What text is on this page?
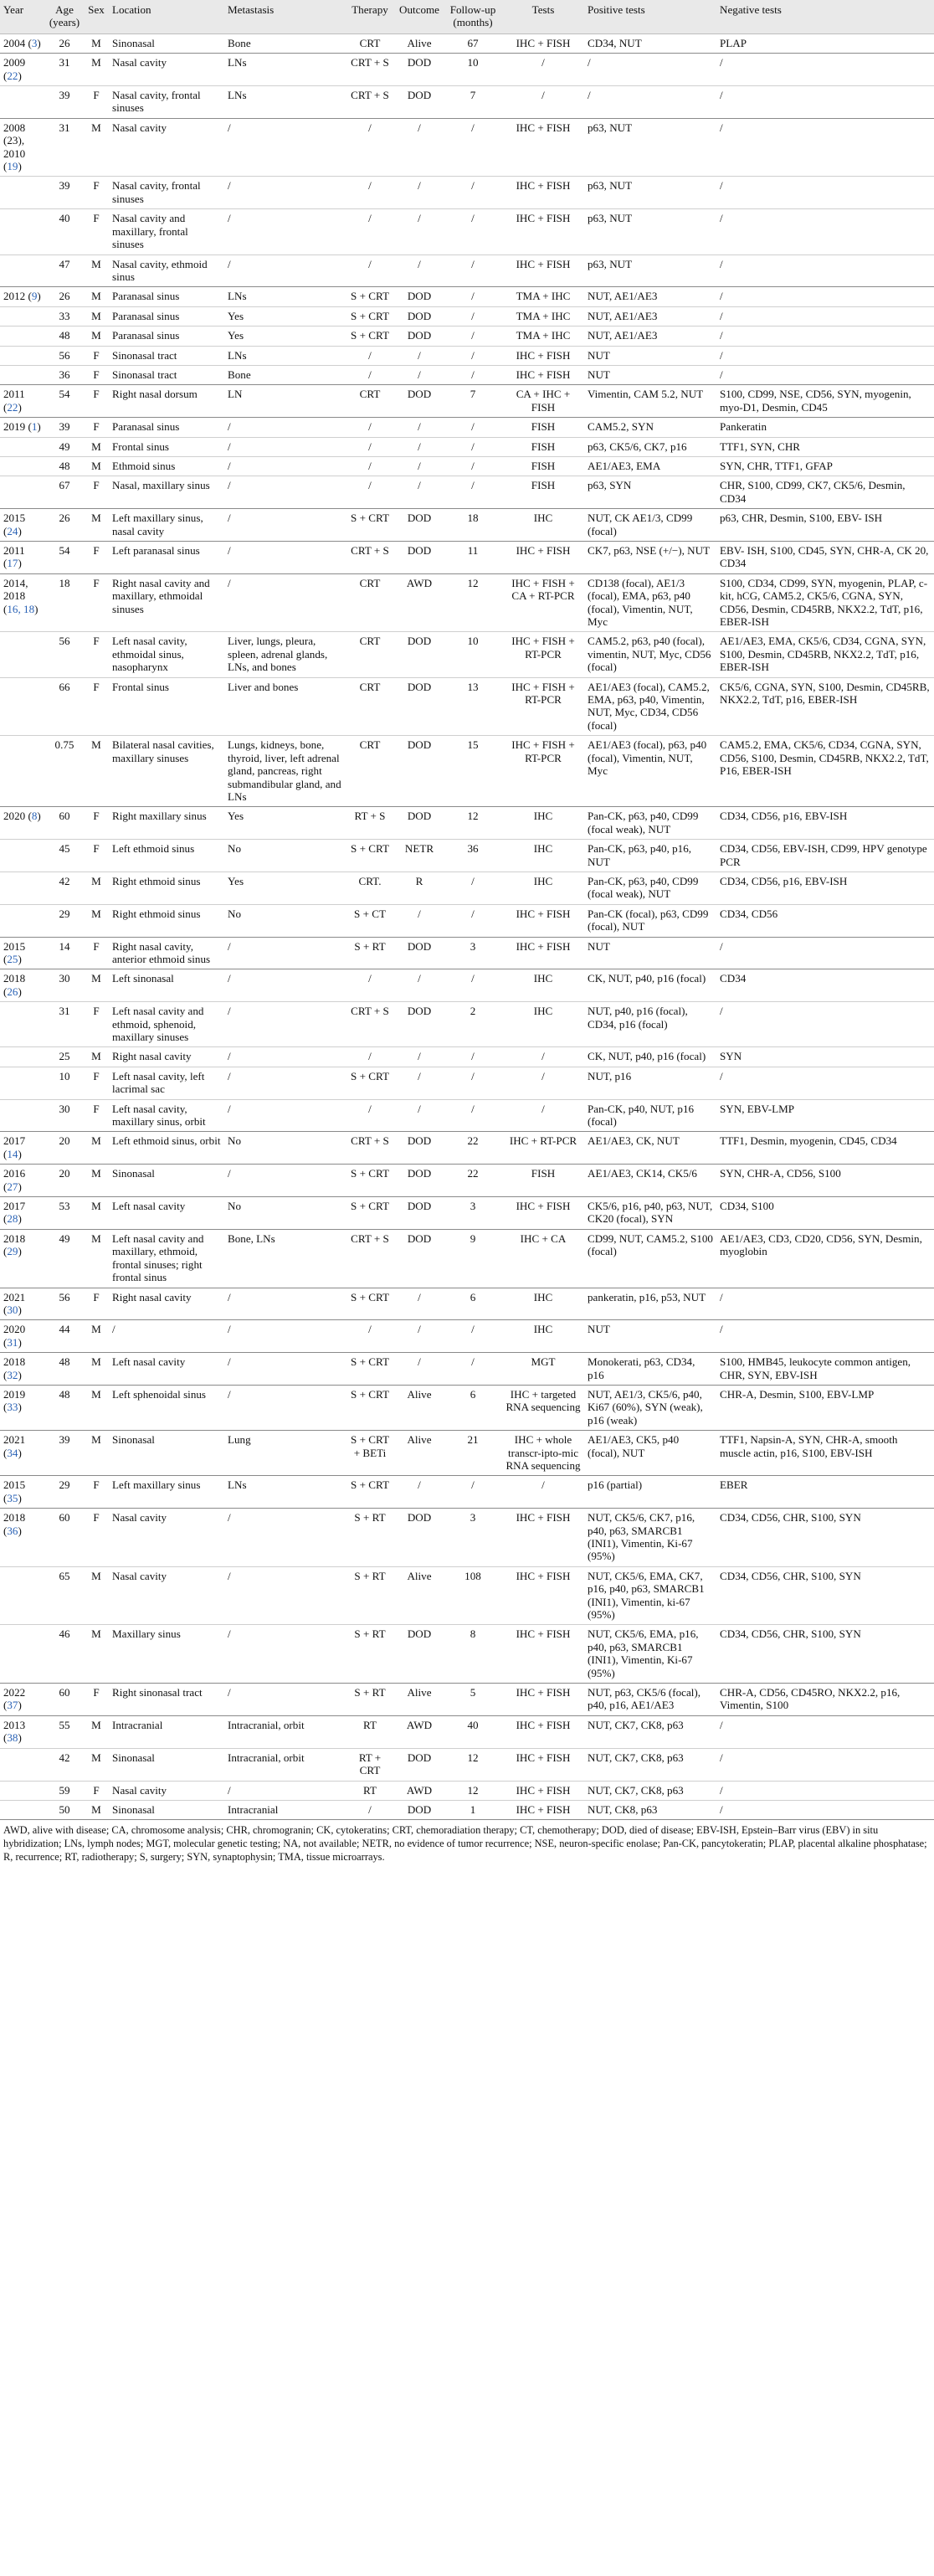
Year	Age (years)	Sex	Location	Metastasis	Therapy	Outcome	Follow-up (months)	Tests	Positive tests	Negative tests
2004 (3)	26	M	Sinonasal	Bone	CRT	Alive	67	IHC + FISH	CD34, NUT	PLAP
2009 (22)	31	M	Nasal cavity	LNs	CRT + S	DOD	10	/	/	/
	39	F	Nasal cavity, frontal sinuses	LNs	CRT + S	DOD	7	/	/	/
2008 (23), 2010 (19)	31	M	Nasal cavity	/	/	/	/	IHC + FISH	p63, NUT	/
	39	F	Nasal cavity, frontal sinuses	/	/	/	/	IHC + FISH	p63, NUT	/
	40	F	Nasal cavity and maxillary, frontal sinuses	/	/	/	/	IHC + FISH	p63, NUT	/
	47	M	Nasal cavity, ethmoid sinus	/	/	/	/	IHC + FISH	p63, NUT	/
2012 (9)	26	M	Paranasal sinus	LNs	S + CRT	DOD	/	TMA + IHC	NUT, AE1/AE3	/
	33	M	Paranasal sinus	Yes	S + CRT	DOD	/	TMA + IHC	NUT, AE1/AE3	/
	48	M	Paranasal sinus	Yes	S + CRT	DOD	/	TMA + IHC	NUT, AE1/AE3	/
	56	F	Sinonasal tract	LNs	/	/	/	IHC + FISH	NUT	/
	36	F	Sinonasal tract	Bone	/	/	/	IHC + FISH	NUT	/
2011 (22)	54	F	Right nasal dorsum	LN	CRT	DOD	7	CA + IHC + FISH	Vimentin, CAM 5.2, NUT	S100, CD99, NSE, CD56, SYN, myogenin, myo-D1, Desmin, CD45
2019 (1)	39	F	Paranasal sinus	/	/	/	/	FISH	CAM5.2, SYN	Pankeratin
	49	M	Frontal sinus	/	/	/	/	FISH	p63, CK5/6, CK7, p16	TTF1, SYN, CHR
	48	M	Ethmoid sinus	/	/	/	/	FISH	AE1/AE3, EMA	SYN, CHR, TTF1, GFAP
	67	F	Nasal, maxillary sinus	/	/	/	/	FISH	p63, SYN	CHR, S100, CD99, CK7, CK5/6, Desmin, CD34
2015 (24)	26	M	Left maxillary sinus, nasal cavity	/	S + CRT	DOD	18	IHC	NUT, CK AE1/3, CD99 (focal)	p63, CHR, Desmin, S100, EBV- ISH
2011 (17)	54	F	Left paranasal sinus	/	CRT + S	DOD	11	IHC + FISH	CK7, p63, NSE (+/−), NUT	EBV- ISH, S100, CD45, SYN, CHR-A, CK 20, CD34
2014, 2018 (16, 18)	18	F	Right nasal cavity and maxillary, ethmoidal sinuses	/	CRT	AWD	12	IHC + FISH + CA + RT-PCR	CD138 (focal), AE1/3 (focal), EMA, p63, p40 (focal), Vimentin, NUT, Myc	S100, CD34, CD99, SYN, myogenin, PLAP, c-kit, hCG, CAM5.2, CK5/6, CGNA, SYN, CD56, Desmin, CD45RB, NKX2.2, TdT, p16, EBER-ISH
	56	F	Left nasal cavity, ethmoidal sinus, nasopharynx	Liver, lungs, pleura, spleen, adrenal glands, LNs, and bones	CRT	DOD	10	IHC + FISH + RT-PCR	CAM5.2, p63, p40 (focal), vimentin, NUT, Myc, CD56 (focal)	AE1/AE3, EMA, CK5/6, CD34, CGNA, SYN, S100, Desmin, CD45RB, NKX2.2, TdT, p16, EBER-ISH
	66	F	Frontal sinus	Liver and bones	CRT	DOD	13	IHC + FISH + RT-PCR	AE1/AE3 (focal), CAM5.2, EMA, p63, p40, Vimentin, NUT, Myc, CD34, CD56 (focal)	CK5/6, CGNA, SYN, S100, Desmin, CD45RB, NKX2.2, TdT, p16, EBER-ISH
	0.75	M	Bilateral nasal cavities, maxillary sinuses	Lungs, kidneys, bone, thyroid, liver, left adrenal gland, pancreas, right submandibular gland, and LNs	CRT	DOD	15	IHC + FISH + RT-PCR	AE1/AE3 (focal), p63, p40 (focal), Vimentin, NUT, Myc	CAM5.2, EMA, CK5/6, CD34, CGNA, SYN, CD56, S100, Desmin, CD45RB, NKX2.2, TdT, P16, EBER-ISH
2020 (8)	60	F	Right maxillary sinus	Yes	RT + S	DOD	12	IHC	Pan-CK, p63, p40, CD99 (focal weak), NUT	CD34, CD56, p16, EBV-ISH
	45	F	Left ethmoid sinus	No	S + CRT	NETR	36	IHC	Pan-CK, p63, p40, p16, NUT	CD34, CD56, EBV-ISH, CD99, HPV genotype PCR
	42	M	Right ethmoid sinus	Yes	CRT.	R	/	IHC	Pan-CK, p63, p40, CD99 (focal weak), NUT	CD34, CD56, p16, EBV-ISH
	29	M	Right ethmoid sinus	No	S + CT	/	/	IHC + FISH	Pan-CK (focal), p63, CD99 (focal), NUT	CD34, CD56
2015 (25)	14	F	Right nasal cavity, anterior ethmoid sinus	/	S + RT	DOD	3	IHC + FISH	NUT	/
2018 (26)	30	M	Left sinonasal	/	/	/	/	IHC	CK, NUT, p40, p16 (focal)	CD34
	31	F	Left nasal cavity and ethmoid, sphenoid, maxillary sinuses	/	CRT + S	DOD	2	IHC	NUT, p40, p16 (focal), CD34, p16 (focal)	/
	25	M	Right nasal cavity	/	/	/	/	/	CK, NUT, p40, p16 (focal)	SYN
	10	F	Left nasal cavity, left lacrimal sac	/	S + CRT	/	/	/	NUT, p16	/
	30	F	Left nasal cavity, maxillary sinus, orbit	/	/	/	/	/	Pan-CK, p40, NUT, p16 (focal)	SYN, EBV-LMP
2017 (14)	20	M	Left ethmoid sinus, orbit	No	CRT + S	DOD	22	IHC + RT-PCR	AE1/AE3, CK, NUT	TTF1, Desmin, myogenin, CD45, CD34
2016 (27)	20	M	Sinonasal	/	S + CRT	DOD	22	FISH	AE1/AE3, CK14, CK5/6	SYN, CHR-A, CD56, S100
2017 (28)	53	M	Left nasal cavity	No	S + CRT	DOD	3	IHC + FISH	CK5/6, p16, p40, p63, NUT, CK20 (focal), SYN	CD34, S100
2018 (29)	49	M	Left nasal cavity and maxillary, ethmoid, frontal sinuses; right frontal sinus	Bone, LNs	CRT + S	DOD	9	IHC + CA	CD99, NUT, CAM5.2, S100 (focal)	AE1/AE3, CD3, CD20, CD56, SYN, Desmin, myoglobin
2021 (30)	56	F	Right nasal cavity	/	S + CRT	/	6	IHC	pankeratin, p16, p53, NUT	/
2020 (31)	44	M	/	/	/	/	/	IHC	NUT	/
2018 (32)	48	M	Left nasal cavity	/	S + CRT	/	/	MGT	Monokerati, p63, CD34, p16	S100, HMB45, leukocyte common antigen, CHR, SYN, EBV-ISH
2019 (33)	48	M	Left sphenoidal sinus	/	S + CRT	Alive	6	IHC + targeted RNA sequencing	NUT, AE1/3, CK5/6, p40, Ki67 (60%), SYN (weak), p16 (weak)	CHR-A, Desmin, S100, EBV-LMP
2021 (34)	39	M	Sinonasal	Lung	S + CRT + BETi	Alive	21	IHC + whole transcr-ipto-mic RNA sequencing	AE1/AE3, CK5, p40 (focal), NUT	TTF1, Napsin-A, SYN, CHR-A, smooth muscle actin, p16, S100, EBV-ISH
2015 (35)	29	F	Left maxillary sinus	LNs	S + CRT	/	/	/	p16 (partial)	EBER
2018 (36)	60	F	Nasal cavity	/	S + RT	DOD	3	IHC + FISH	NUT, CK5/6, CK7, p16, p40, p63, SMARCB1 (INI1), Vimentin, Ki-67 (95%)	CD34, CD56, CHR, S100, SYN
	65	M	Nasal cavity	/	S + RT	Alive	108	IHC + FISH	NUT, CK5/6, EMA, CK7, p16, p40, p63, SMARCB1 (INI1), Vimentin, ki-67 (95%)	CD34, CD56, CHR, S100, SYN
	46	M	Maxillary sinus	/	S + RT	DOD	8	IHC + FISH	NUT, CK5/6, EMA, p16, p40, p63, SMARCB1 (INI1), Vimentin, Ki-67 (95%)	CD34, CD56, CHR, S100, SYN
2022 (37)	60	F	Right sinonasal tract	/	S + RT	Alive	5	IHC + FISH	NUT, p63, CK5/6 (focal), p40, p16, AE1/AE3	CHR-A, CD56, CD45RO, NKX2.2, p16, Vimentin, S100
2013 (38)	55	M	Intracranial	Intracranial, orbit	RT	AWD	40	IHC + FISH	NUT, CK7, CK8, p63	/
	42	M	Sinonasal	Intracranial, orbit	RT + CRT	DOD	12	IHC + FISH	NUT, CK7, CK8, p63	/
	59	F	Nasal cavity	/	RT	AWD	12	IHC + FISH	NUT, CK7, CK8, p63	/
	50	M	Sinonasal	Intracranial	/	DOD	1	IHC + FISH	NUT, CK8, p63	/
AWD, alive with disease; CA, chromosome analysis; CHR, chromogranin; CK, cytokeratins; CRT, chemoradiation therapy; CT, chemotherapy; DOD, died of disease; EBV-ISH, Epstein–Barr virus (EBV) in situ hybridization; LNs, lymph nodes; MGT, molecular genetic testing; NA, not available; NETR, no evidence of tumor recurrence; NSE, neuron-specific enolase; Pan-CK, pancytokeratin; PLAP, placental alkaline phosphatase; R, recurrence; RT, radiotherapy; S, surgery; SYN, synaptophysin; TMA, tissue microarrays.
